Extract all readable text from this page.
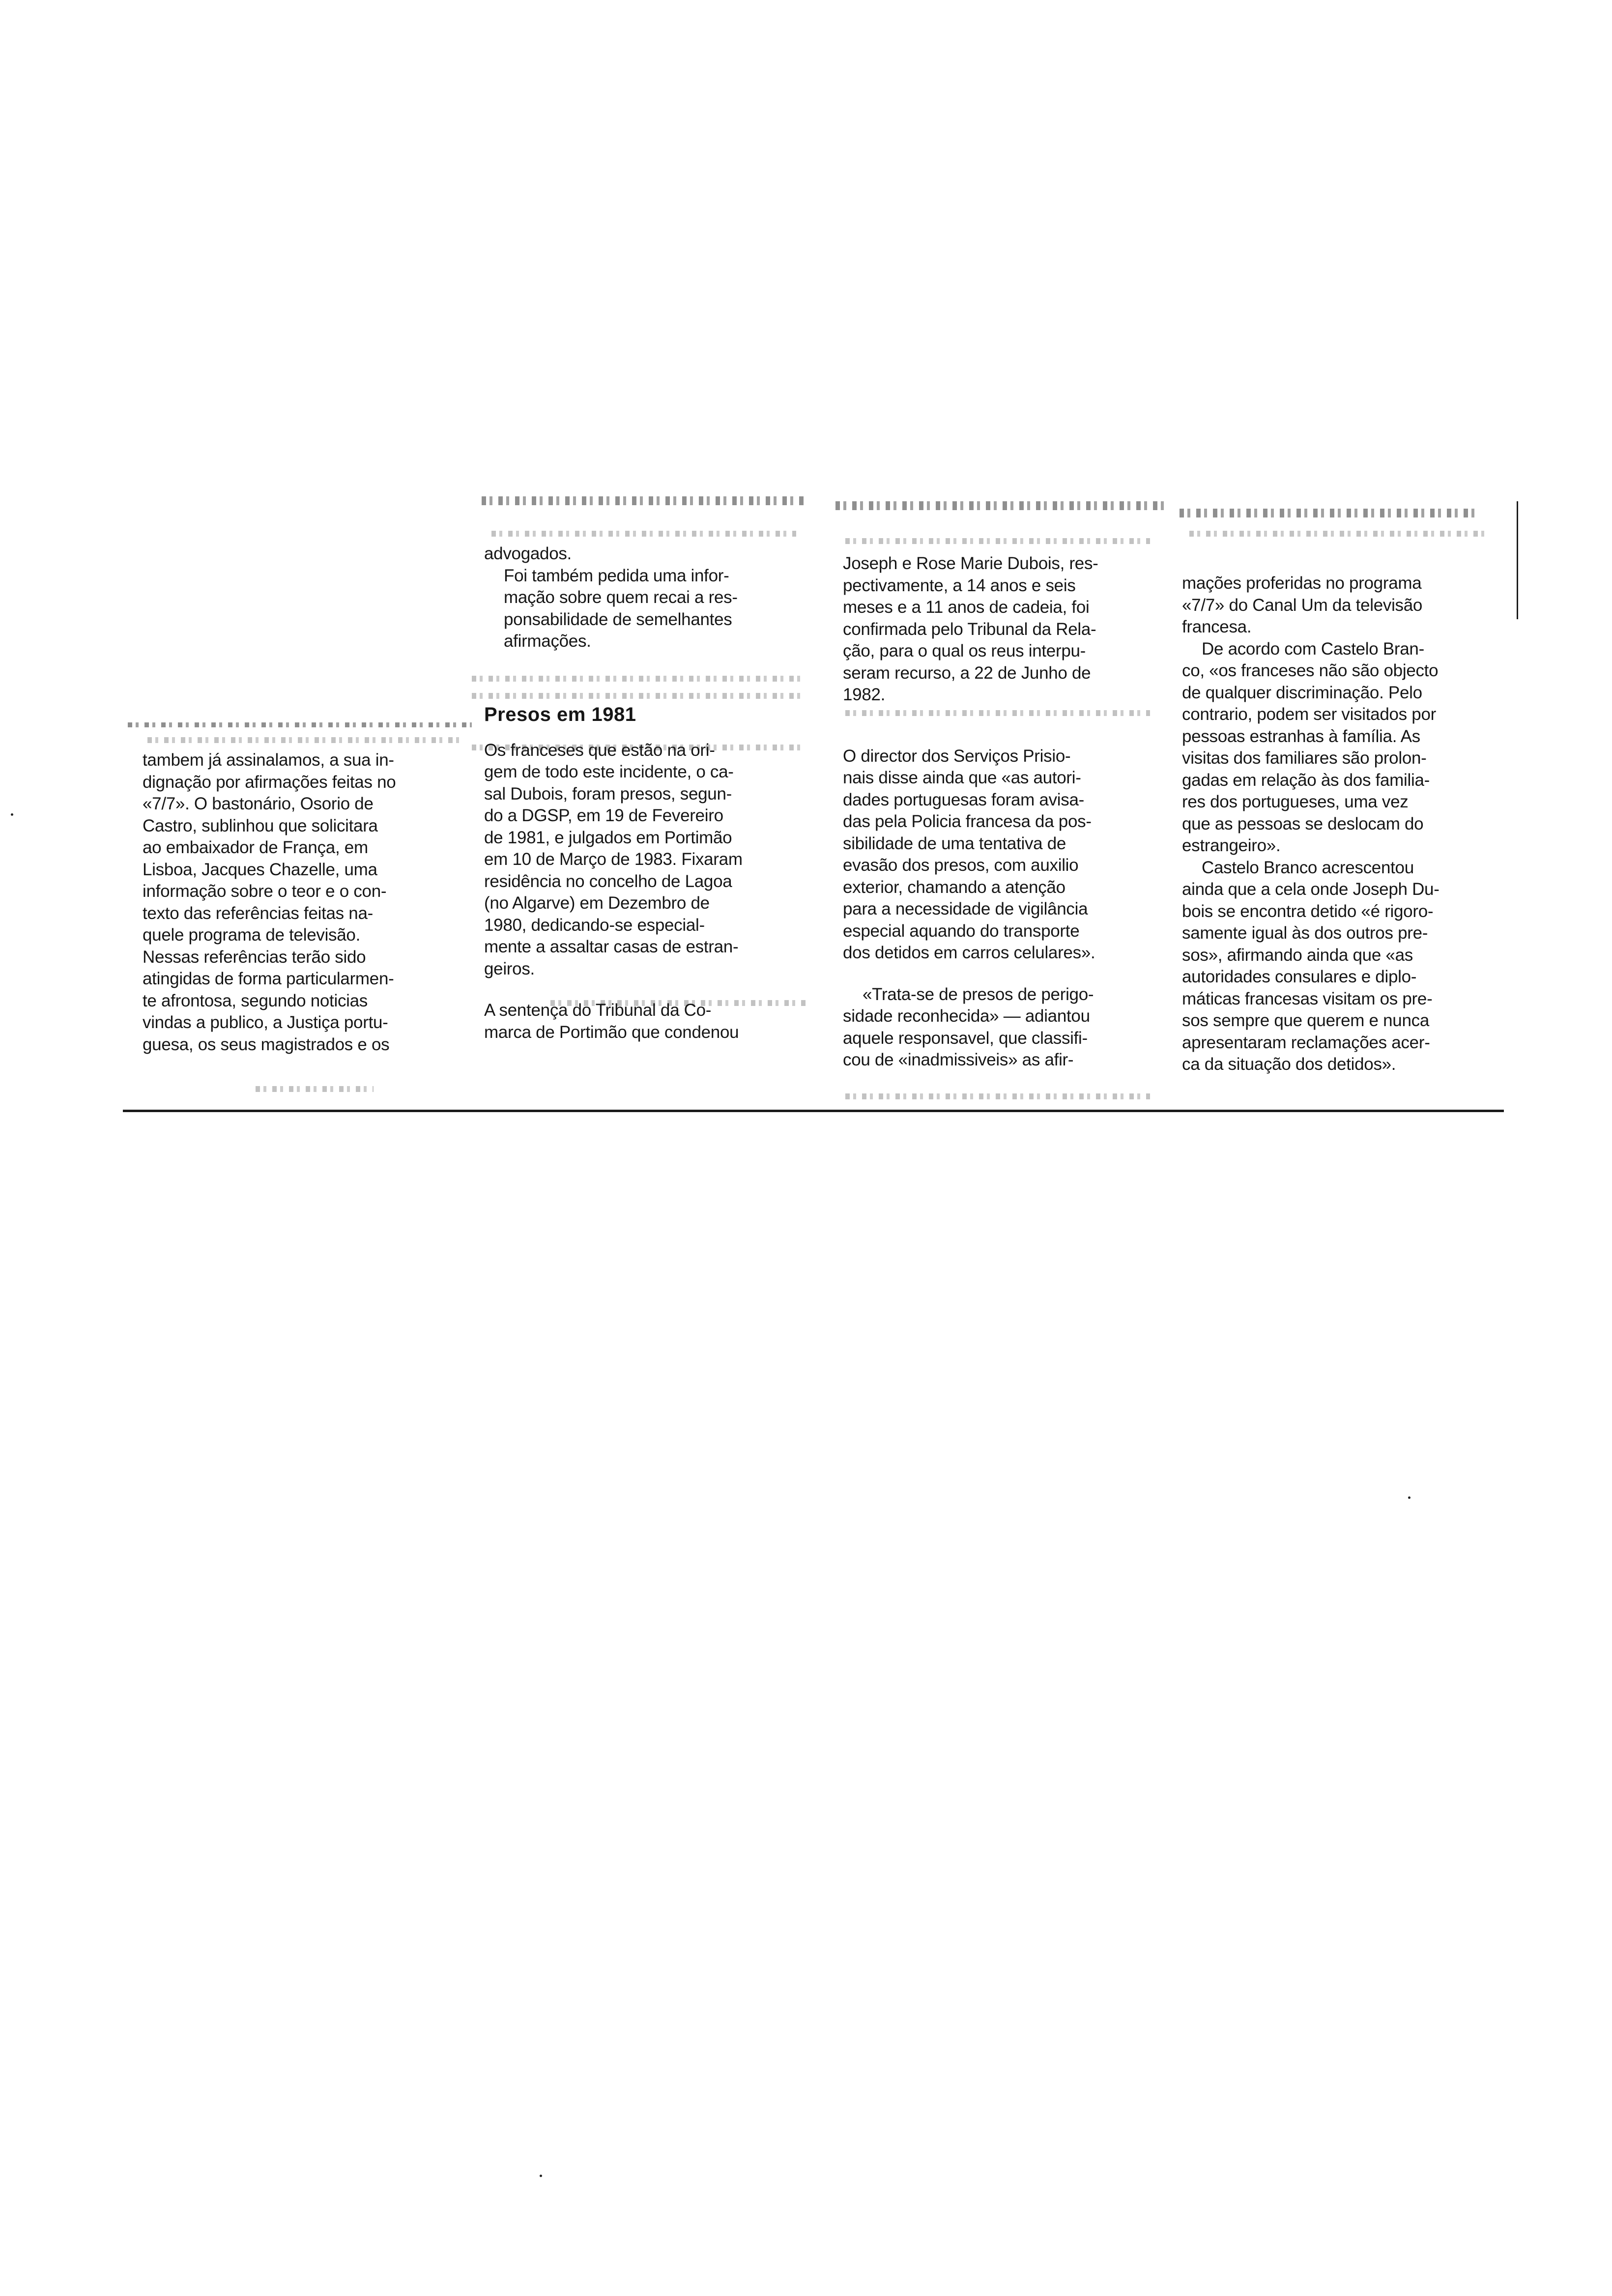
tambem já assinalamos, a sua in-
dignação por afirmações feitas no
«7/7». O bastonário, Osorio de
Castro, sublinhou que solicitara
ao embaixador de França, em
Lisboa, Jacques Chazelle, uma
informação sobre o teor e o con-
texto das referências feitas na-
quele programa de televisão.
Nessas referências terão sido
atingidas de forma particularmen-
te afrontosa, segundo noticias
vindas a publico, a Justiça portu-
guesa, os seus magistrados e os

advogados.

Foi também pedida uma infor-
mação sobre quem recai a res-
ponsabilidade de semelhantes
afirmações.

Presos em 1981

Os franceses que estão na ori-
gem de todo este incidente, o ca-
sal Dubois, foram presos, segun-
do a DGSP, em 19 de Fevereiro
de 1981, e julgados em Portimão
em 10 de Março de 1983. Fixaram
residência no concelho de Lagoa
(no Algarve) em Dezembro de
1980, dedicando-se especial-
mente a assaltar casas de estran-
geiros.

A sentença do Tribunal da Co-
marca de Portimão que condenou

Joseph e Rose Marie Dubois, res-
pectivamente, a 14 anos e seis
meses e a 11 anos de cadeia, foi
confirmada pelo Tribunal da Rela-
ção, para o qual os reus interpu-
seram recurso, a 22 de Junho de
1982.

O director dos Serviços Prisio-
nais disse ainda que «as autori-
dades portuguesas foram avisa-
das pela Policia francesa da pos-
sibilidade de uma tentativa de
evasão dos presos, com auxilio
exterior, chamando a atenção
para a necessidade de vigilância
especial aquando do transporte
dos detidos em carros celulares».

«Trata-se de presos de perigo-
sidade reconhecida» — adiantou
aquele responsavel, que classifi-
cou de «inadmissiveis» as afir-

mações proferidas no programa
«7/7» do Canal Um da televisão
francesa.

De acordo com Castelo Bran-
co, «os franceses não são objecto
de qualquer discriminação. Pelo
contrario, podem ser visitados por
pessoas estranhas à família. As
visitas dos familiares são prolon-
gadas em relação às dos familia-
res dos portugueses, uma vez
que as pessoas se deslocam do
estrangeiro».

Castelo Branco acrescentou
ainda que a cela onde Joseph Du-
bois se encontra detido «é rigoro-
samente igual às dos outros pre-
sos», afirmando ainda que «as
autoridades consulares e diplo-
máticas francesas visitam os pre-
sos sempre que querem e nunca
apresentaram reclamações acer-
ca da situação dos detidos».
